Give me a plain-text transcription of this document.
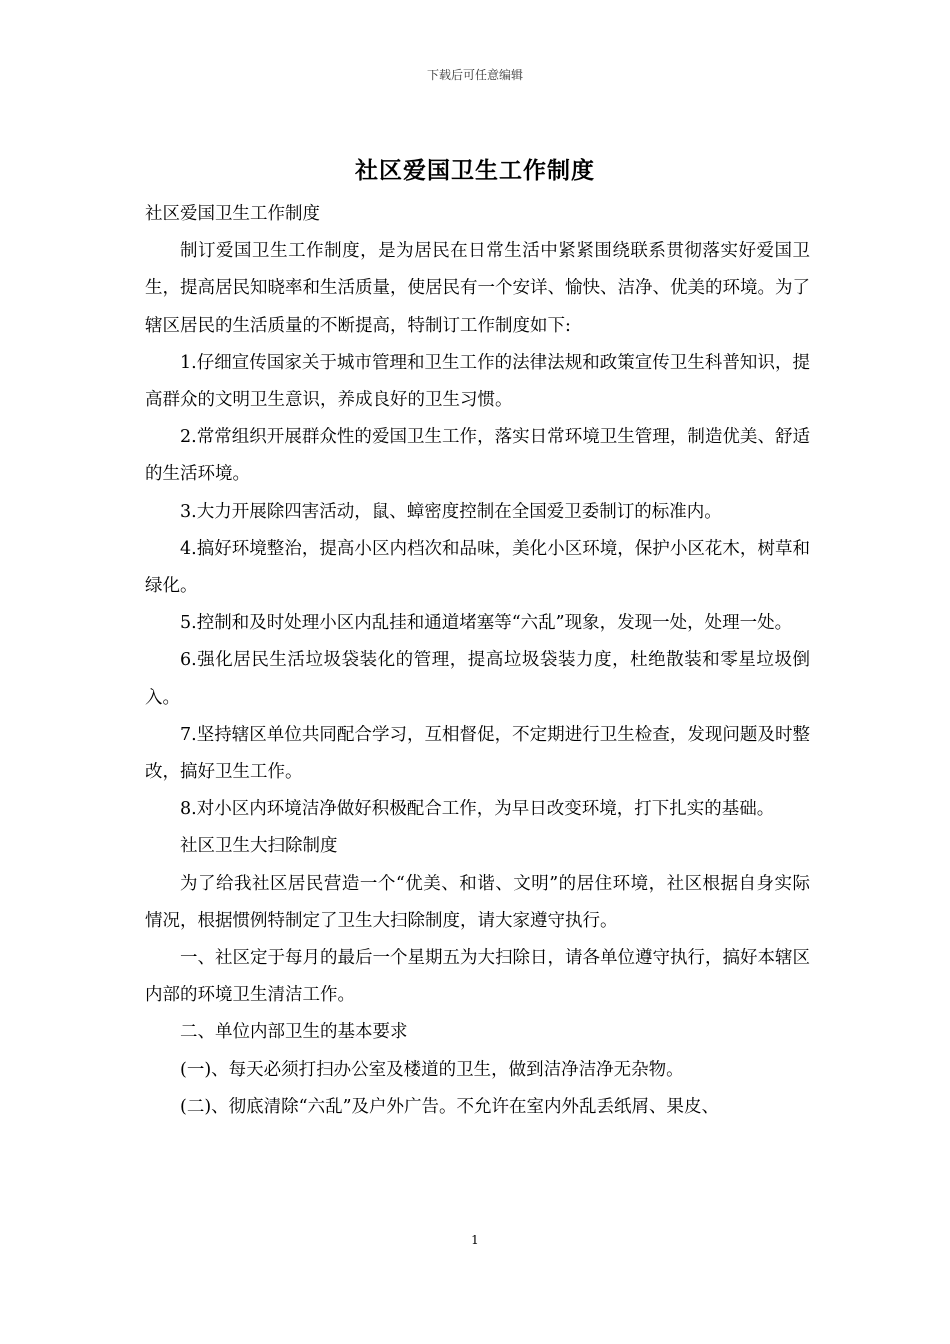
下载后可任意编辑
社区爱国卫生工作制度

社区爱国卫生工作制度

制订爱国卫生工作制度，是为居民在日常生活中紧紧围绕联系贯彻落实好爱国卫生，提高居民知晓率和生活质量，使居民有一个安详、愉快、洁净、优美的环境。为了辖区居民的生活质量的不断提高，特制订工作制度如下:

1.仔细宣传国家关于城市管理和卫生工作的法律法规和政策宣传卫生科普知识，提高群众的文明卫生意识，养成良好的卫生习惯。

2.常常组织开展群众性的爱国卫生工作，落实日常环境卫生管理，制造优美、舒适的生活环境。

3.大力开展除四害活动，鼠、蟑密度控制在全国爱卫委制订的标准内。

4.搞好环境整治，提高小区内档次和品味，美化小区环境，保护小区花木，树草和绿化。

5.控制和及时处理小区内乱挂和通道堵塞等“六乱”现象，发现一处，处理一处。

6.强化居民生活垃圾袋装化的管理，提高垃圾袋装力度，杜绝散装和零星垃圾倒入。

7.坚持辖区单位共同配合学习，互相督促，不定期进行卫生检查，发现问题及时整改，搞好卫生工作。

8.对小区内环境洁净做好积极配合工作，为早日改变环境，打下扎实的基础。

社区卫生大扫除制度

为了给我社区居民营造一个“优美、和谐、文明”的居住环境，社区根据自身实际情况，根据惯例特制定了卫生大扫除制度，请大家遵守执行。

一、社区定于每月的最后一个星期五为大扫除日，请各单位遵守执行，搞好本辖区内部的环境卫生清洁工作。

二、单位内部卫生的基本要求

(一)、每天必须打扫办公室及楼道的卫生，做到洁净洁净无杂物。

(二)、彻底清除“六乱”及户外广告。不允许在室内外乱丢纸屑、果皮、

1
